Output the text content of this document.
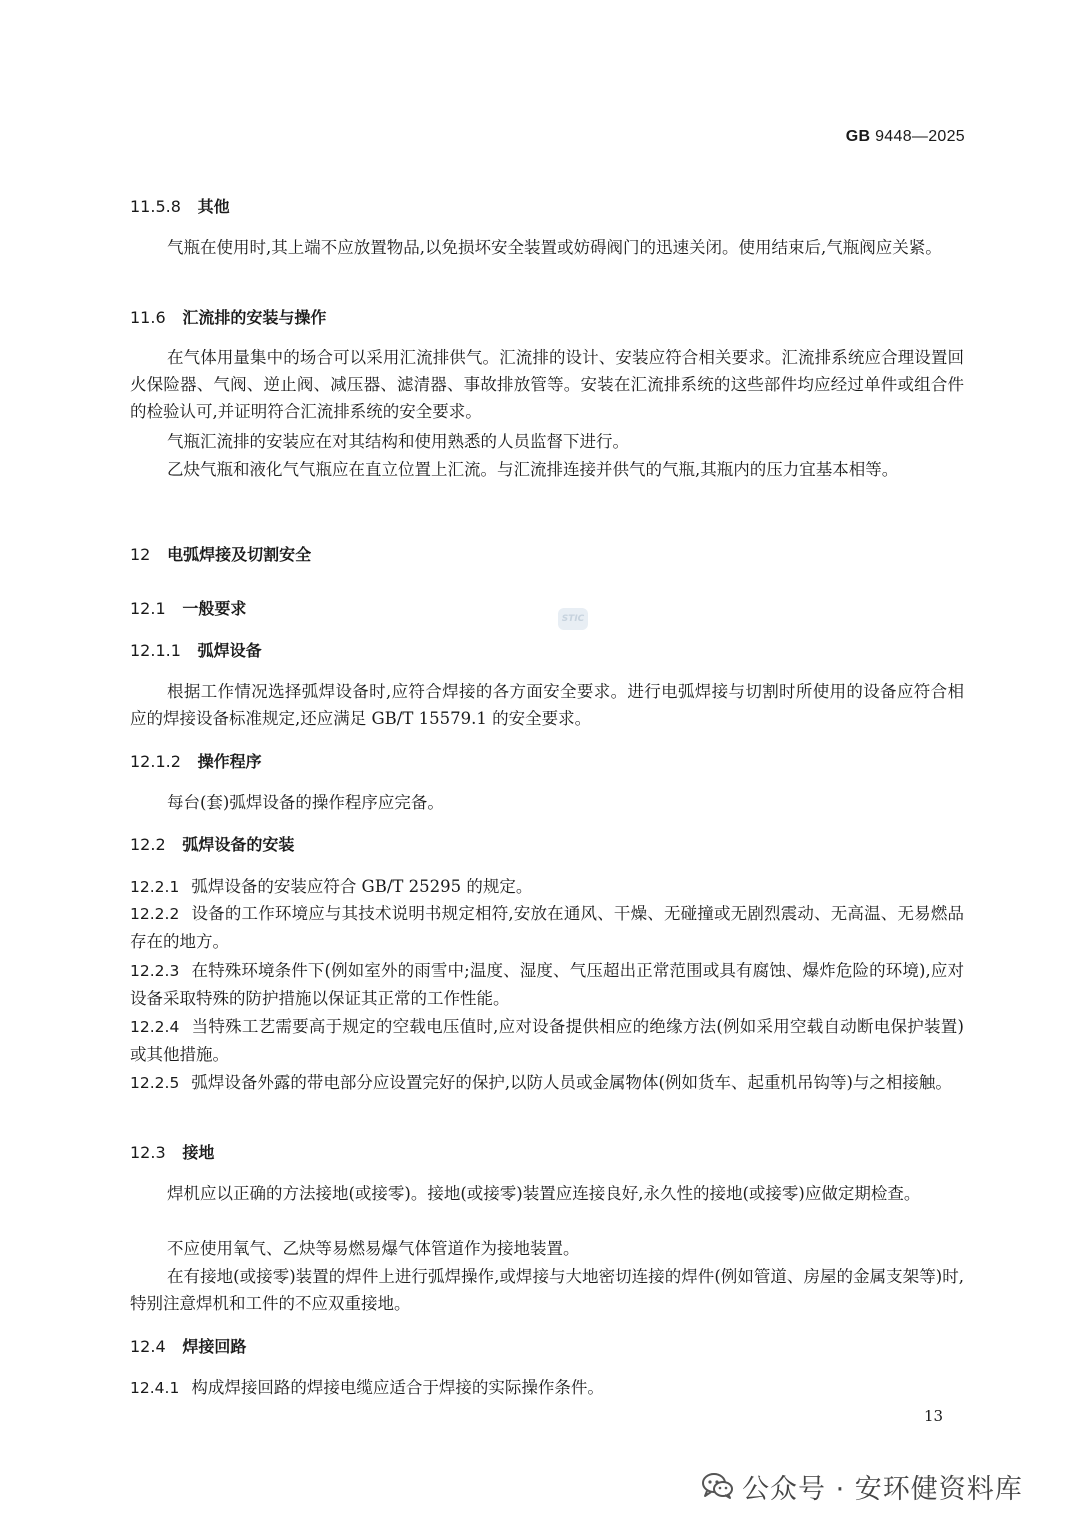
GB 9448—2025
11.5.8 其他
气瓶在使用时,其上端不应放置物品,以免损坏安全装置或妨碍阀门的迅速关闭。使用结束后,气瓶阀应关紧。
11.6 汇流排的安装与操作
在气体用量集中的场合可以采用汇流排供气。汇流排的设计、安装应符合相关要求。汇流排系统应合理设置回火保险器、气阀、逆止阀、减压器、滤清器、事故排放管等。安装在汇流排系统的这些部件均应经过单件或组合件的检验认可,并证明符合汇流排系统的安全要求。
气瓶汇流排的安装应在对其结构和使用熟悉的人员监督下进行。
乙炔气瓶和液化气气瓶应在直立位置上汇流。与汇流排连接并供气的气瓶,其瓶内的压力宜基本相等。
12 电弧焊接及切割安全
STIC
12.1 一般要求
12.1.1 弧焊设备
根据工作情况选择弧焊设备时,应符合焊接的各方面安全要求。进行电弧焊接与切割时所使用的设备应符合相应的焊接设备标准规定,还应满足 GB/T 15579.1 的安全要求。
12.1.2 操作程序
每台(套)弧焊设备的操作程序应完备。
12.2 弧焊设备的安装
12.2.1 弧焊设备的安装应符合 GB/T 25295 的规定。
12.2.2 设备的工作环境应与其技术说明书规定相符,安放在通风、干燥、无碰撞或无剧烈震动、无高温、无易燃品存在的地方。
12.2.3 在特殊环境条件下(例如室外的雨雪中;温度、湿度、气压超出正常范围或具有腐蚀、爆炸危险的环境),应对设备采取特殊的防护措施以保证其正常的工作性能。
12.2.4 当特殊工艺需要高于规定的空载电压值时,应对设备提供相应的绝缘方法(例如采用空载自动断电保护装置)或其他措施。
12.2.5 弧焊设备外露的带电部分应设置完好的保护,以防人员或金属物体(例如货车、起重机吊钩等)与之相接触。
12.3 接地
焊机应以正确的方法接地(或接零)。接地(或接零)装置应连接良好,永久性的接地(或接零)应做定期检查。
不应使用氧气、乙炔等易燃易爆气体管道作为接地装置。
在有接地(或接零)装置的焊件上进行弧焊操作,或焊接与大地密切连接的焊件(例如管道、房屋的金属支架等)时,特别注意焊机和工件的不应双重接地。
12.4 焊接回路
12.4.1 构成焊接回路的焊接电缆应适合于焊接的实际操作条件。
13
公众号 · 安环健资料库
